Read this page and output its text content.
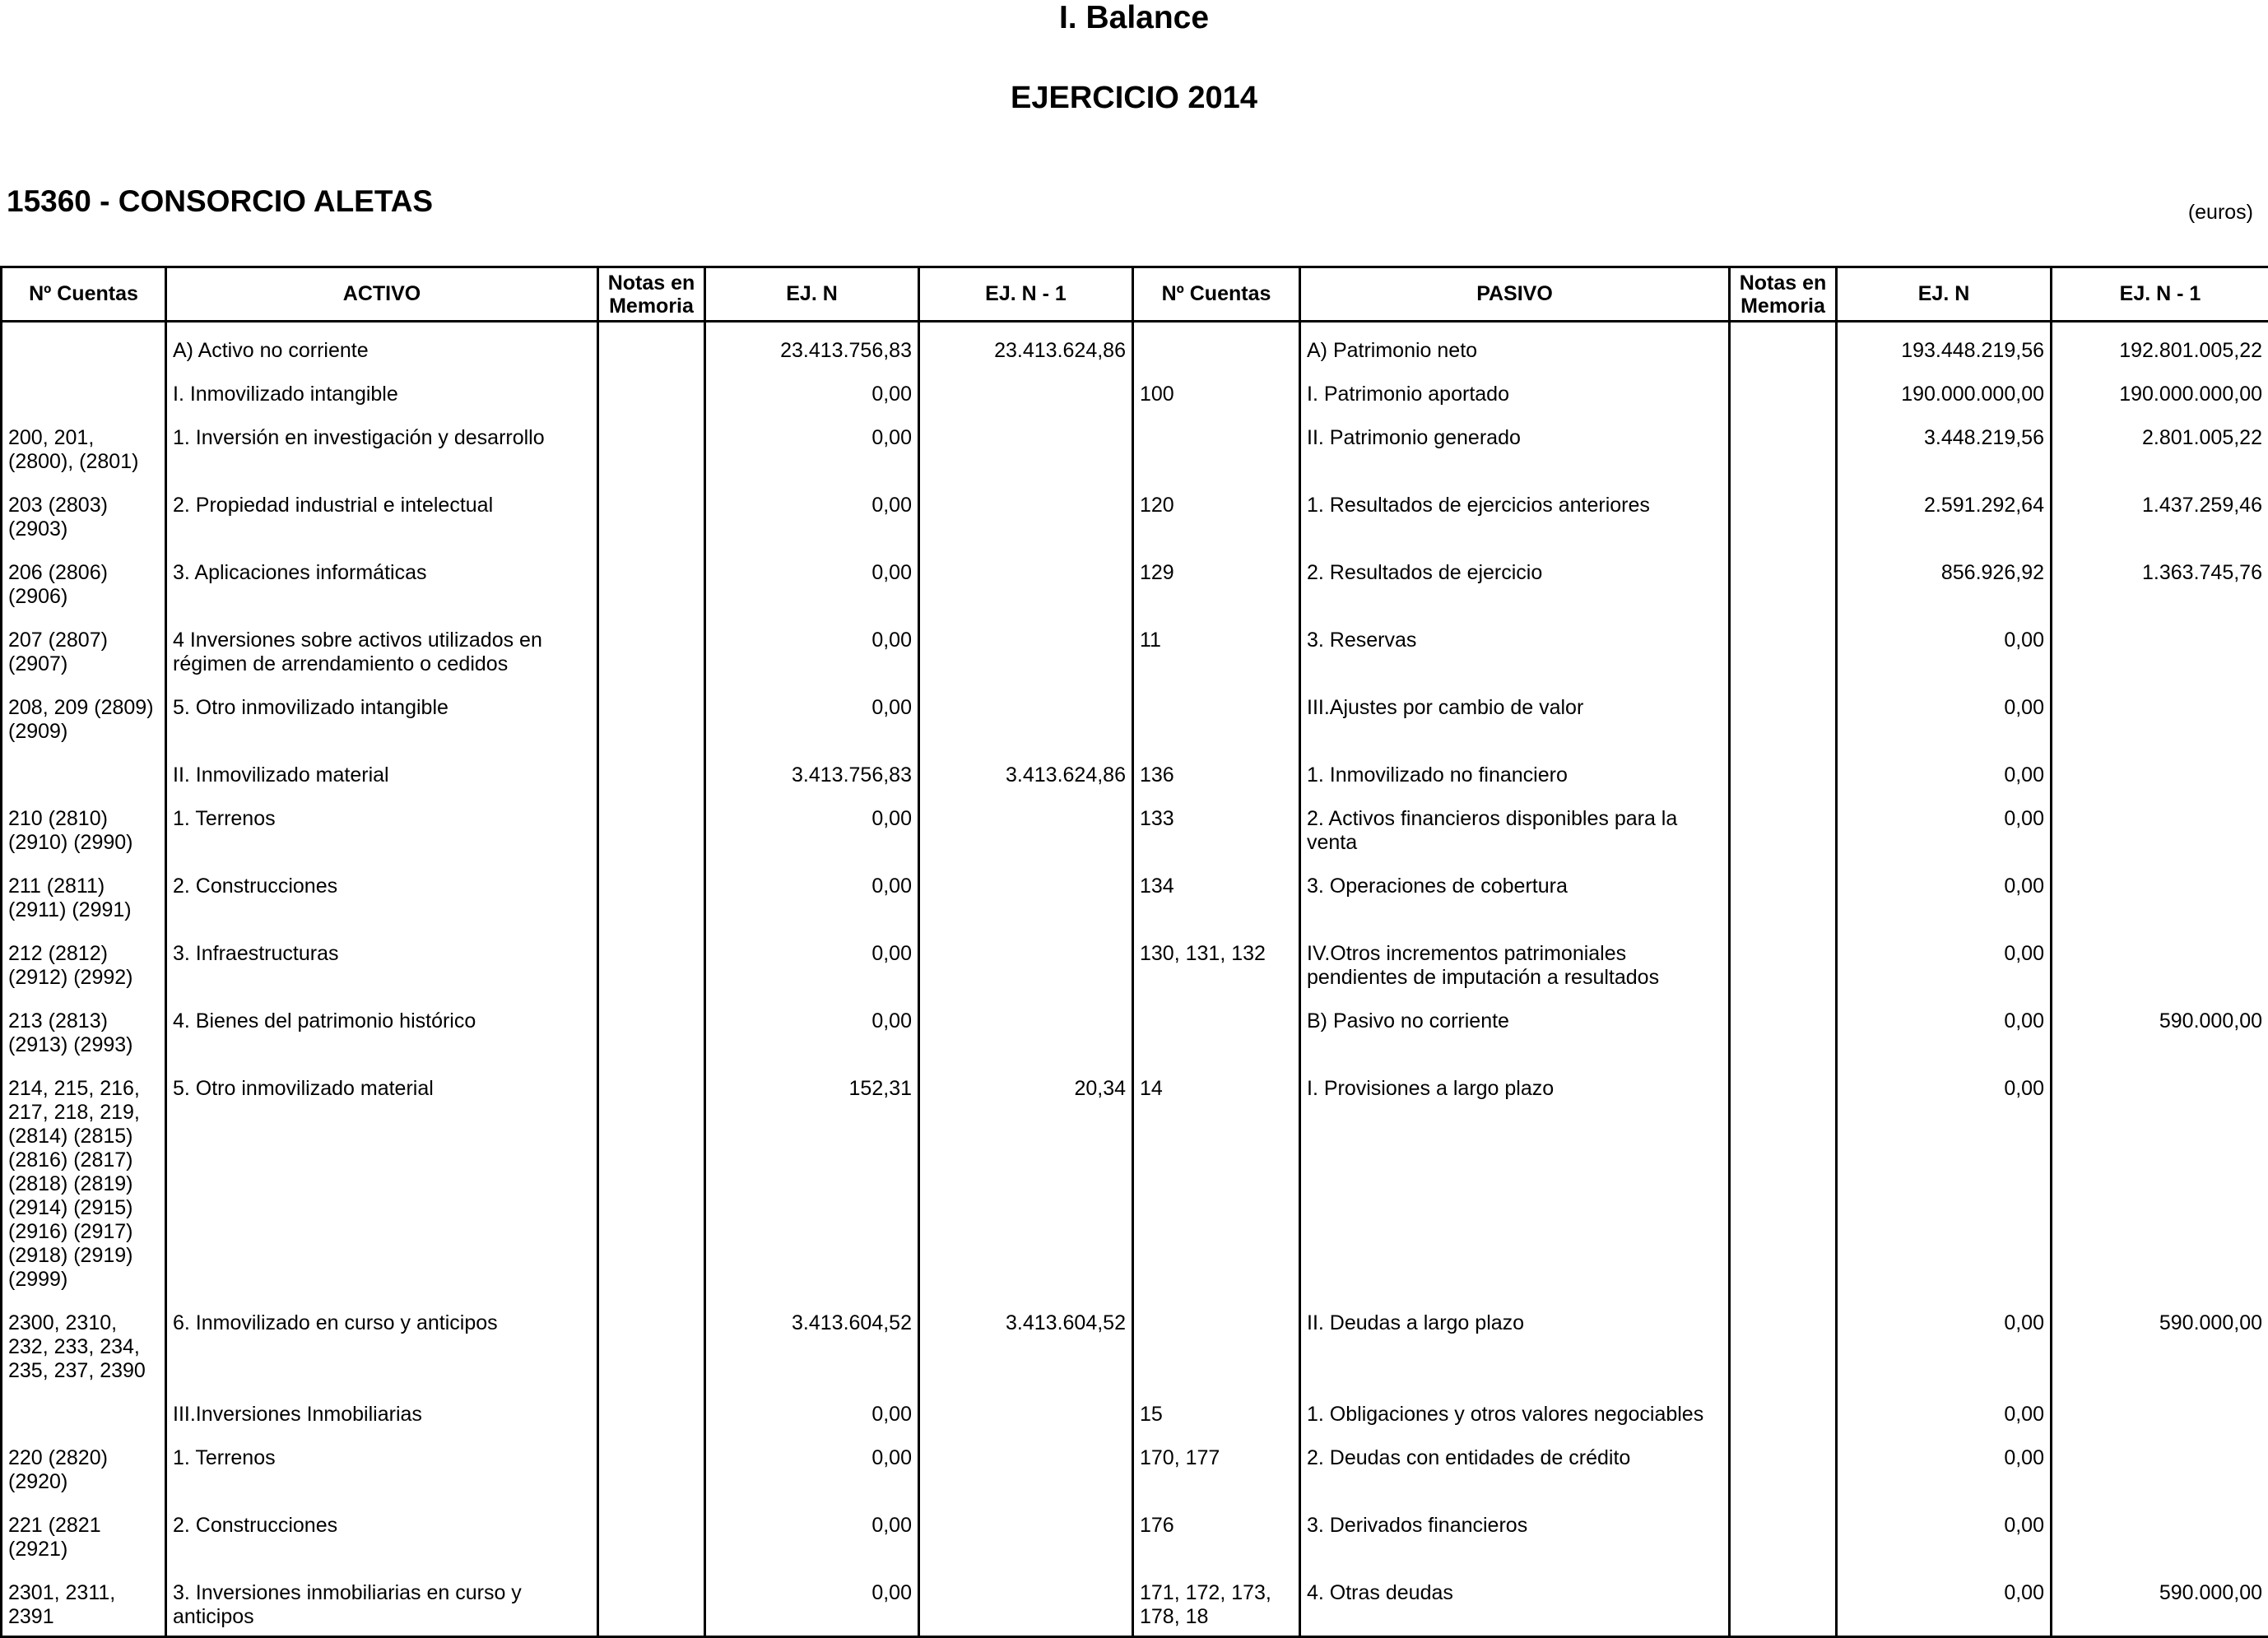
I. Balance
EJERCICIO 2014
15360 - CONSORCIO ALETAS	(euros)
Nº Cuentas	ACTIVO	Notas en Memoria	EJ. N	EJ. N - 1	Nº Cuentas	PASIVO	Notas en Memoria	EJ. N	EJ. N - 1
	A) Activo no corriente		23.413.756,83	23.413.624,86		A) Patrimonio neto		193.448.219,56	192.801.005,22
	I. Inmovilizado intangible		0,00		100	I. Patrimonio aportado		190.000.000,00	190.000.000,00
200, 201, (2800), (2801)	1. Inversión en investigación y desarrollo		0,00			II. Patrimonio generado		3.448.219,56	2.801.005,22
203 (2803) (2903)	2. Propiedad industrial e intelectual		0,00		120	1. Resultados de ejercicios anteriores		2.591.292,64	1.437.259,46
206 (2806) (2906)	3. Aplicaciones informáticas		0,00		129	2. Resultados de ejercicio		856.926,92	1.363.745,76
207 (2807) (2907)	4 Inversiones sobre activos utilizados en régimen de arrendamiento o cedidos		0,00		11	3. Reservas		0,00	
208, 209 (2809) (2909)	5. Otro inmovilizado intangible		0,00			III.Ajustes por cambio de valor		0,00	
	II. Inmovilizado material		3.413.756,83	3.413.624,86	136	1. Inmovilizado no financiero		0,00	
210 (2810) (2910) (2990)	1. Terrenos		0,00		133	2. Activos financieros disponibles para la venta		0,00	
211 (2811) (2911) (2991)	2. Construcciones		0,00		134	3. Operaciones de cobertura		0,00	
212 (2812) (2912) (2992)	3. Infraestructuras		0,00		130, 131, 132	IV.Otros incrementos patrimoniales pendientes de imputación a resultados		0,00	
213 (2813) (2913) (2993)	4. Bienes del patrimonio histórico		0,00			B) Pasivo no corriente		0,00	590.000,00
214, 215, 216, 217, 218, 219, (2814) (2815) (2816) (2817) (2818) (2819) (2914) (2915) (2916) (2917) (2918) (2919) (2999)	5. Otro inmovilizado material		152,31	20,34	14	I. Provisiones a largo plazo		0,00	
2300, 2310, 232, 233, 234, 235, 237, 2390	6. Inmovilizado en curso y anticipos		3.413.604,52	3.413.604,52		II. Deudas a largo plazo		0,00	590.000,00
	III.Inversiones Inmobiliarias		0,00		15	1. Obligaciones y otros valores negociables		0,00	
220 (2820) (2920)	1. Terrenos		0,00		170, 177	2. Deudas con entidades de crédito		0,00	
221 (2821 (2921)	2. Construcciones		0,00		176	3. Derivados financieros		0,00	
2301, 2311, 2391	3. Inversiones inmobiliarias en curso y anticipos		0,00		171, 172, 173, 178, 18	4. Otras deudas		0,00	590.000,00
